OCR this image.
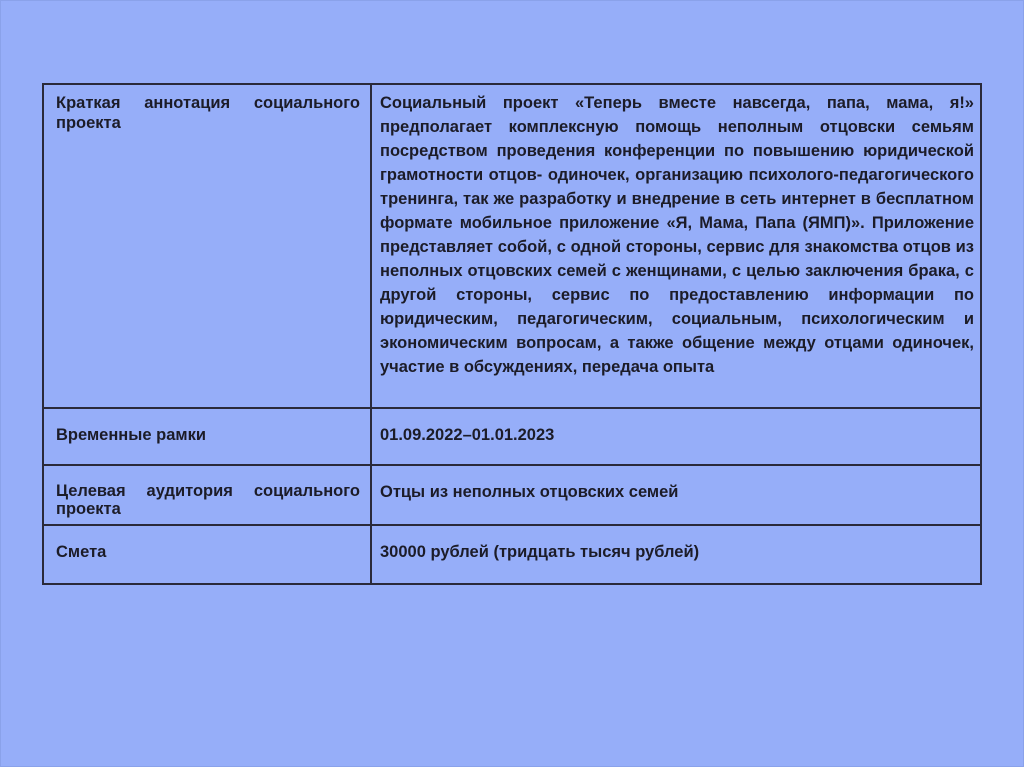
Краткая аннотация социального проекта	Социальный проект «Теперь вместе навсегда, папа, мама, я!» предполагает комплексную помощь неполным отцовски семьям посредством проведения конференции по повышению юридической грамотности отцов- одиночек, организацию психолого-педагогического тренинга, так же разработку и внедрение в сеть интернет в бесплатном формате мобильное приложение «Я, Мама, Папа (ЯМП)». Приложение представляет собой, с одной стороны, сервис для знакомства отцов из неполных отцовских семей с женщинами, с целью заключения брака, с другой стороны, сервис по предоставлению информации по юридическим, педагогическим, социальным, психологическим и экономическим вопросам, а также общение между отцами одиночек, участие в обсуждениях, передача опыта

Временные рамки	01.09.2022–01.01.2023

Целевая аудитория социального проекта	Отцы из неполных отцовских семей

Смета	30000 рублей (тридцать тысяч рублей)
